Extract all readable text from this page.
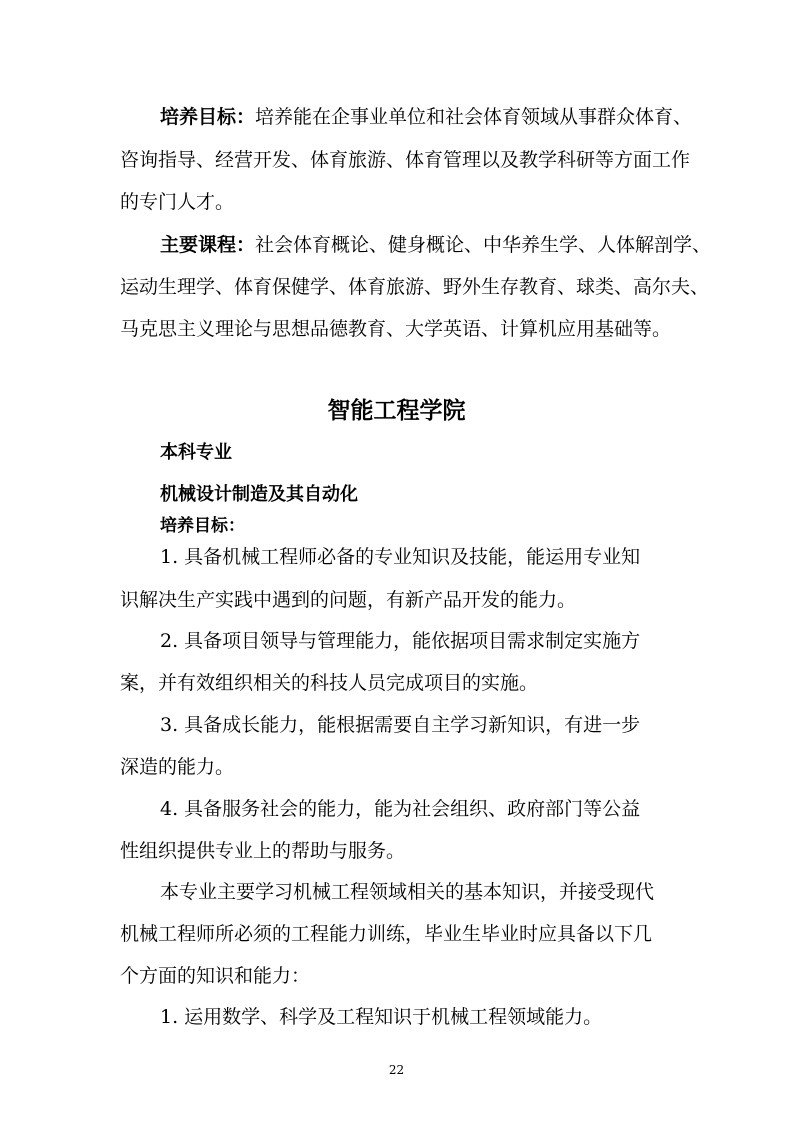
培养目标：培养能在企事业单位和社会体育领域从事群众体育、
咨询指导、经营开发、体育旅游、体育管理以及教学科研等方面工作
的专门人才。
主要课程：社会体育概论、健身概论、中华养生学、人体解剖学、
运动生理学、体育保健学、体育旅游、野外生存教育、球类、高尔夫、
马克思主义理论与思想品德教育、大学英语、计算机应用基础等。
智能工程学院
本科专业
机械设计制造及其自动化
培养目标：
1. 具备机械工程师必备的专业知识及技能，能运用专业知
识解决生产实践中遇到的问题，有新产品开发的能力。
2. 具备项目领导与管理能力，能依据项目需求制定实施方
案，并有效组织相关的科技人员完成项目的实施。
3. 具备成长能力，能根据需要自主学习新知识，有进一步
深造的能力。
4. 具备服务社会的能力，能为社会组织、政府部门等公益
性组织提供专业上的帮助与服务。
本专业主要学习机械工程领域相关的基本知识，并接受现代
机械工程师所必须的工程能力训练，毕业生毕业时应具备以下几
个方面的知识和能力：
1. 运用数学、科学及工程知识于机械工程领域能力。
22
